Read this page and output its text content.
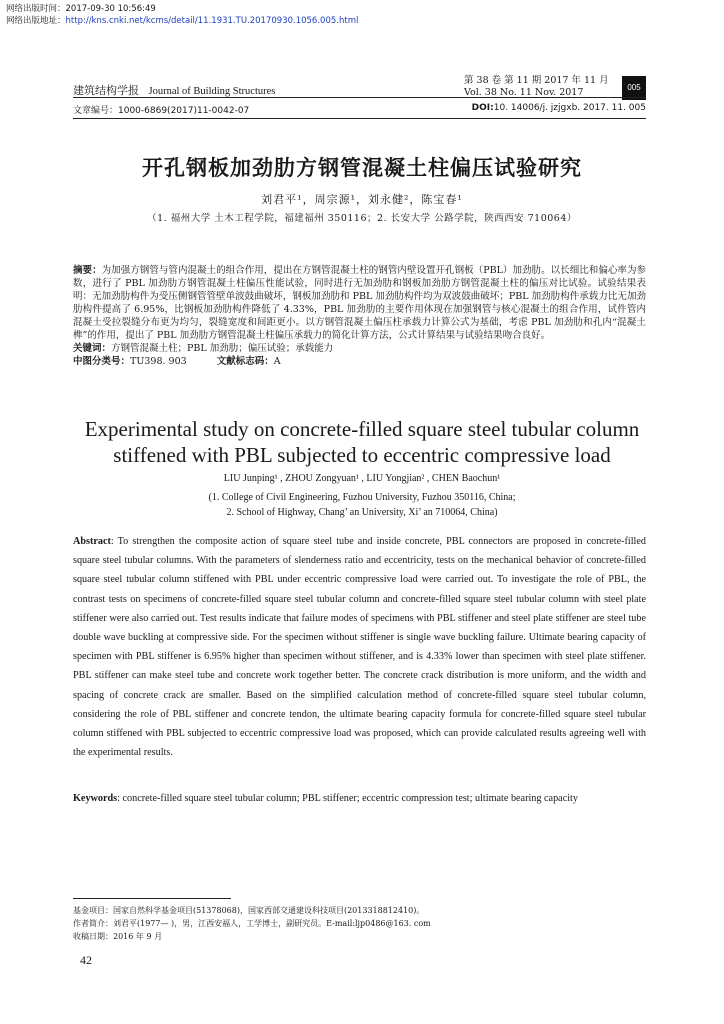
网络出版时间：2017-09-30 10:56:49
网络出版地址：http://kns.cnki.net/kcms/detail/11.1931.TU.20170930.1056.005.html
建筑结构学报 Journal of Building Structures
第 38 卷 第 11 期 2017 年 11 月
Vol. 38 No. 11 Nov. 2017	005
文章编号：1000-6869(2017)11-0042-07	DOI:10. 14006/j. jzjgxb. 2017. 11. 005
开孔钢板加劲肋方钢管混凝土柱偏压试验研究
刘君平¹，周宗源¹，刘永健²，陈宝春¹
（1. 福州大学 土木工程学院，福建福州 350116；2. 长安大学 公路学院，陕西西安 710064）
摘要：为加强方钢管与管内混凝土的组合作用，提出在方钢管混凝土柱的钢管内壁设置开孔钢板（PBL）加劲肋。以长细比和偏心率为参数，进行了 PBL 加劲肋方钢管混凝土柱偏压性能试验，同时进行无加劲肋和钢板加劲肋方钢管混凝土柱的偏压对比试验。试验结果表明：无加劲肋构件为受压侧钢管管壁单波鼓曲破坏，钢板加劲肋和 PBL 加劲肋构件均为双波鼓曲破坏；PBL 加劲肋构件承载力比无加劲肋构件提高了 6.95%，比钢板加劲肋构件降低了 4.33%，PBL 加劲肋的主要作用体现在加强钢管与核心混凝土的组合作用，试件管内混凝土受拉裂缝分布更为均匀，裂缝宽度和间距更小。以方钢管混凝土偏压柱承载力计算公式为基础，考虑 PBL 加劲肋和孔内“混凝土榫”的作用，提出了 PBL 加劲肋方钢管混凝土柱偏压承载力的简化计算方法，公式计算结果与试验结果吻合良好。
关键词：方钢管混凝土柱；PBL 加劲肋；偏压试验；承载能力
中图分类号：TU398. 903	文献标志码：A
Experimental study on concrete-filled square steel tubular column
stiffened with PBL subjected to eccentric compressive load
LIU Junping¹ , ZHOU Zongyuan¹ , LIU Yongjian² , CHEN Baochun¹
(1. College of Civil Engineering, Fuzhou University, Fuzhou 350116, China;
2. School of Highway, Chang’ an University, Xi’ an 710064, China)
Abstract: To strengthen the composite action of square steel tube and inside concrete, PBL connectors are proposed in concrete-filled square steel tubular columns. With the parameters of slenderness ratio and eccentricity, tests on the mechanical behavior of concrete-filled square steel tubular column stiffened with PBL under eccentric compressive load were carried out. To investigate the role of PBL, the contrast tests on specimens of concrete-filled square steel tubular column and concrete-filled square steel tubular column with steel plate stiffener were also carried out. Test results indicate that failure modes of specimens with PBL stiffener and steel plate stiffener are steel tube double wave buckling at compressive side. For the specimen without stiffener is single wave buckling failure. Ultimate bearing capacity of specimen with PBL stiffener is 6.95% higher than specimen without stiffener, and is 4.33% lower than specimen with steel plate stiffener. PBL stiffener can make steel tube and concrete work together better. The concrete crack distribution is more uniform, and the width and spacing of concrete crack are smaller. Based on the simplified calculation method of concrete-filled square steel tubular column, considering the role of PBL stiffener and concrete tendon, the ultimate bearing capacity formula for concrete-filled square steel tubular column stiffened with PBL subjected to eccentric compressive load was proposed, which can provide calculated results agreeing well with the experimental results.
Keywords: concrete-filled square steel tubular column; PBL stiffener; eccentric compression test; ultimate bearing capacity
基金项目：国家自然科学基金项目(51378068)，国家西部交通建设科技项目(2013318812410)。
作者简介：刘君平(1977— )，男，江西安福人，工学博士，副研究员。E-mail:ljp0486@163. com
收稿日期：2016 年 9 月
42
